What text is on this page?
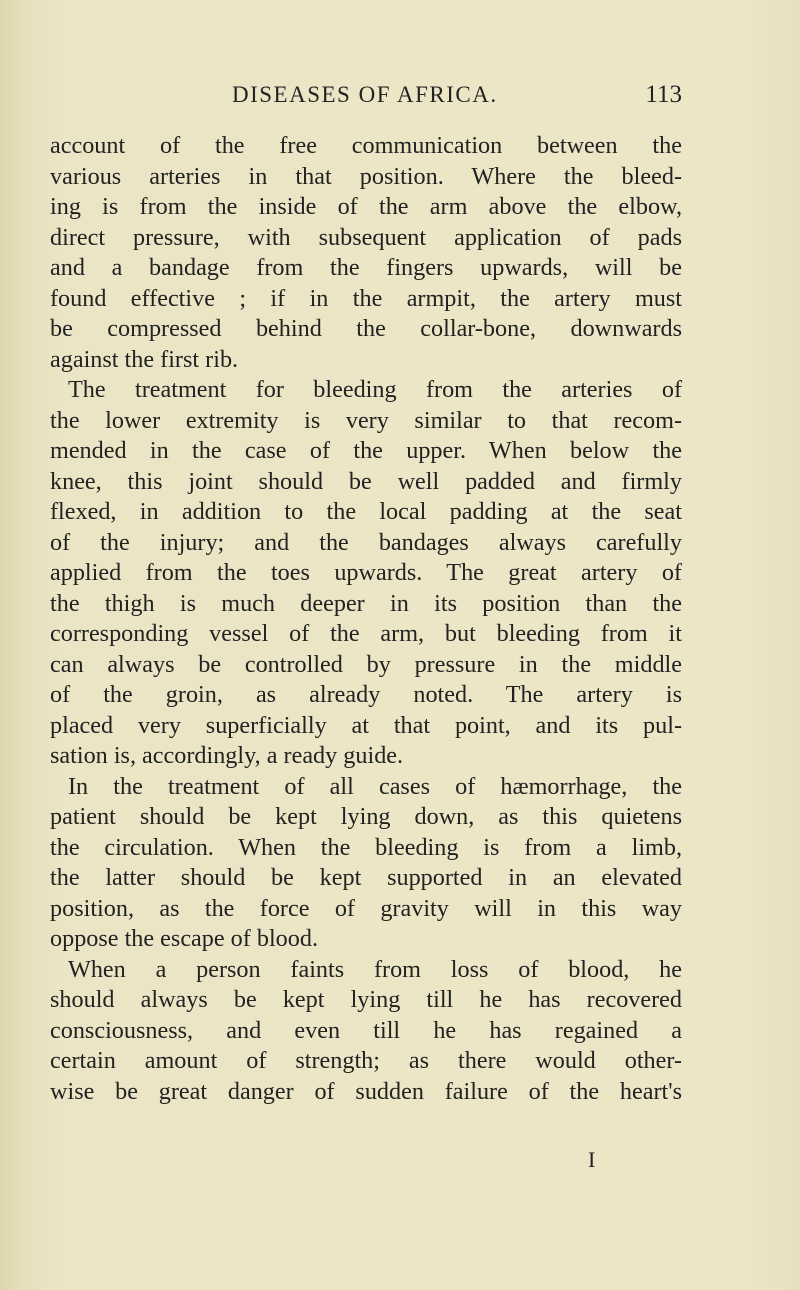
DISEASES OF AFRICA.	113
account of the free communication between the
various arteries in that position. Where the bleed-
ing is from the inside of the arm above the elbow,
direct pressure, with subsequent application of pads
and a bandage from the fingers upwards, will be
found effective ; if in the armpit, the artery must
be compressed behind the collar-bone, downwards
against the first rib.
The treatment for bleeding from the arteries of
the lower extremity is very similar to that recom-
mended in the case of the upper. When below the
knee, this joint should be well padded and firmly
flexed, in addition to the local padding at the seat
of the injury; and the bandages always carefully
applied from the toes upwards. The great artery of
the thigh is much deeper in its position than the
corresponding vessel of the arm, but bleeding from it
can always be controlled by pressure in the middle
of the groin, as already noted. The artery is
placed very superficially at that point, and its pul-
sation is, accordingly, a ready guide.
In the treatment of all cases of hæmorrhage, the
patient should be kept lying down, as this quietens
the circulation. When the bleeding is from a limb,
the latter should be kept supported in an elevated
position, as the force of gravity will in this way
oppose the escape of blood.
When a person faints from loss of blood, he
should always be kept lying till he has recovered
consciousness, and even till he has regained a
certain amount of strength; as there would other-
wise be great danger of sudden failure of the heart's
I
